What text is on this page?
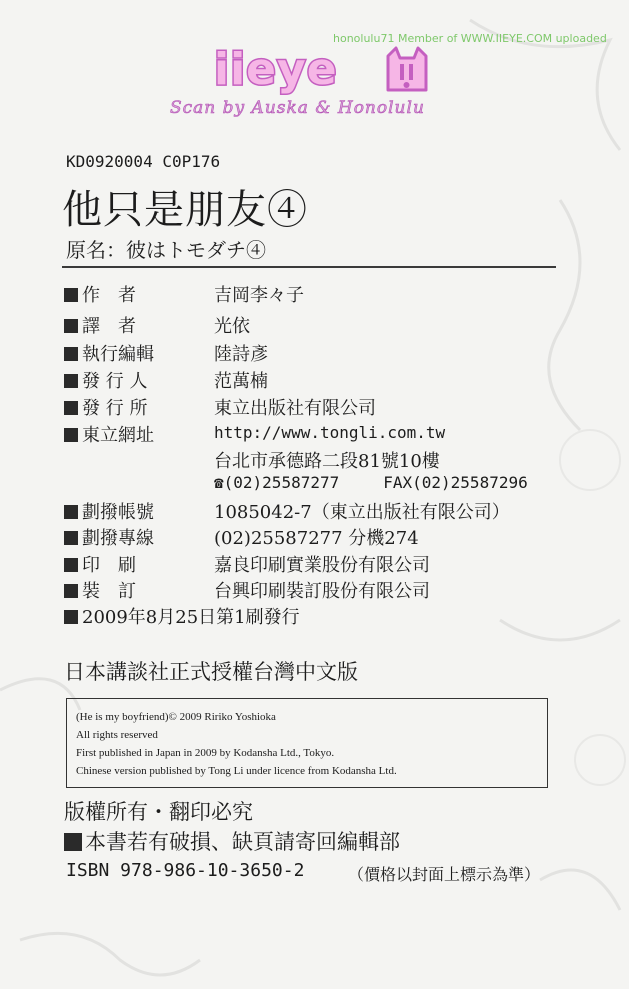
honolulu71 Member of WWW.IIEYE.COM uploaded
iieye
Scan by Auska & Honolulu
KD0920004 C0P176
他只是朋友④
原名：彼はトモダチ④
作　者	吉岡李々子
譯　者	光依
執行編輯	陸詩彥
發 行 人	范萬楠
發 行 所	東立出版社有限公司
東立網址	http://www.tongli.com.tw
台北市承德路二段81號10樓
☎(02)25587277	FAX(02)25587296
劃撥帳號	1085042-7（東立出版社有限公司）
劃撥專線	(02)25587277 分機274
印　刷	嘉良印刷實業股份有限公司
裝　訂	台興印刷裝訂股份有限公司
2009年8月25日第1刷發行
日本講談社正式授權台灣中文版

(He is my boyfriend)© 2009 Ririko Yoshioka

All rights reserved

First published in Japan in 2009 by Kodansha Ltd., Tokyo.

Chinese version published by Tong Li under licence from Kodansha Ltd.

版權所有・翻印必究
本書若有破損、缺頁請寄回編輯部
ISBN 978-986-10-3650-2	（價格以封面上標示為準）
